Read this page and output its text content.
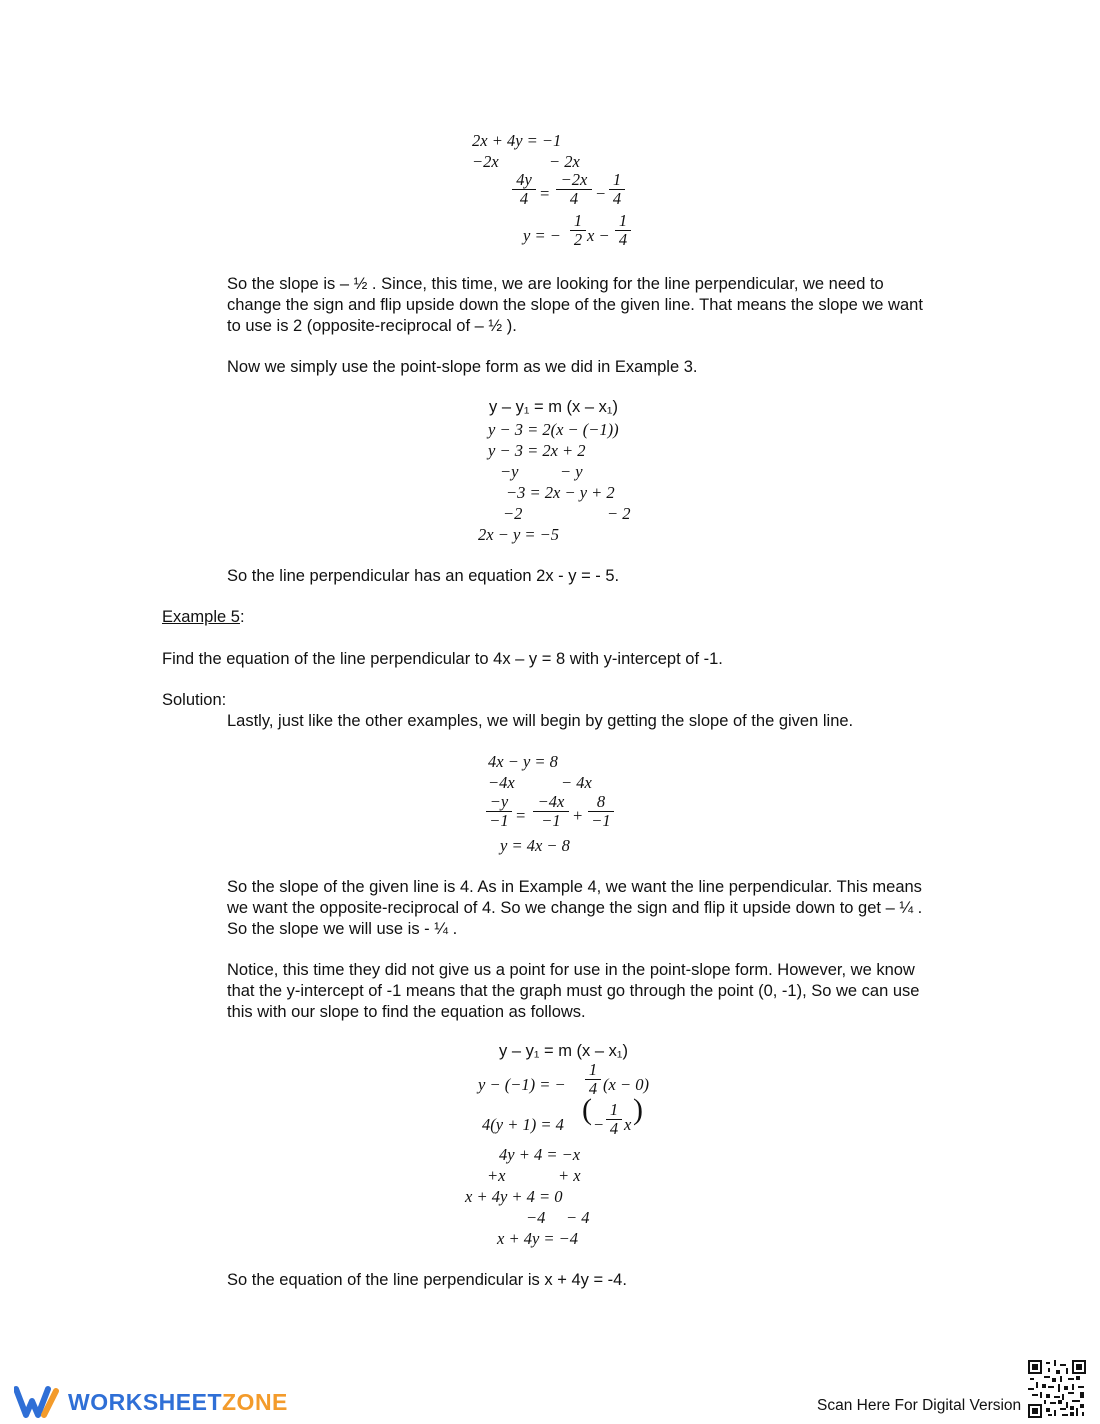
2x + 4y = −1
−2x	− 2x
$\frac{4y}{4} = \frac{-2x}{4} - \frac{1}{4}$
y = − $\frac{1}{2}$ $x - \frac{1}{4}$

So the slope is – ½ . Since, this time, we are looking for the line perpendicular, we need to change the sign and flip upside down the slope of the given line. That means the slope we want to use is 2 (opposite-reciprocal of – ½ ).

Now we simply use the point-slope form as we did in Example 3.

y – y₁ = m (x – x₁)
y − 3 = 2(x − (−1))
y − 3 = 2x + 2
−y	− y
−3 = 2x − y + 2
−2	− 2
2x − y = −5

So the line perpendicular has an equation 2x - y = - 5.

Example 5:

Find the equation of the line perpendicular to 4x – y = 8 with y-intercept of -1.

Solution:

Lastly, just like the other examples, we will begin by getting the slope of the given line.

4x − y = 8
−4x	− 4x
$\frac{-y}{-1} = \frac{-4x}{-1} + \frac{8}{-1}$
y = 4x − 8

So the slope of the given line is 4. As in Example 4, we want the line perpendicular. This means we want the opposite-reciprocal of 4. So we change the sign and flip it upside down to get – ¼ . So the slope we will use is - ¼ .

Notice, this time they did not give us a point for use in the point-slope form. However, we know that the y-intercept of -1 means that the graph must go through the point (0, -1), So we can use this with our slope to find the equation as follows.

y – y₁ = m (x – x₁)
y − (−1) = − $\frac{1}{4} (x - 0)$
4(y + 1) = 4 ( − $\frac{1}{4}$ x )
4y + 4 = −x
+x	+ x
x + 4y + 4 = 0
−4 − 4
x + 4y = −4

So the equation of the line perpendicular is x + 4y = -4.

WORKSHEETZONE	Scan Here For Digital Version
